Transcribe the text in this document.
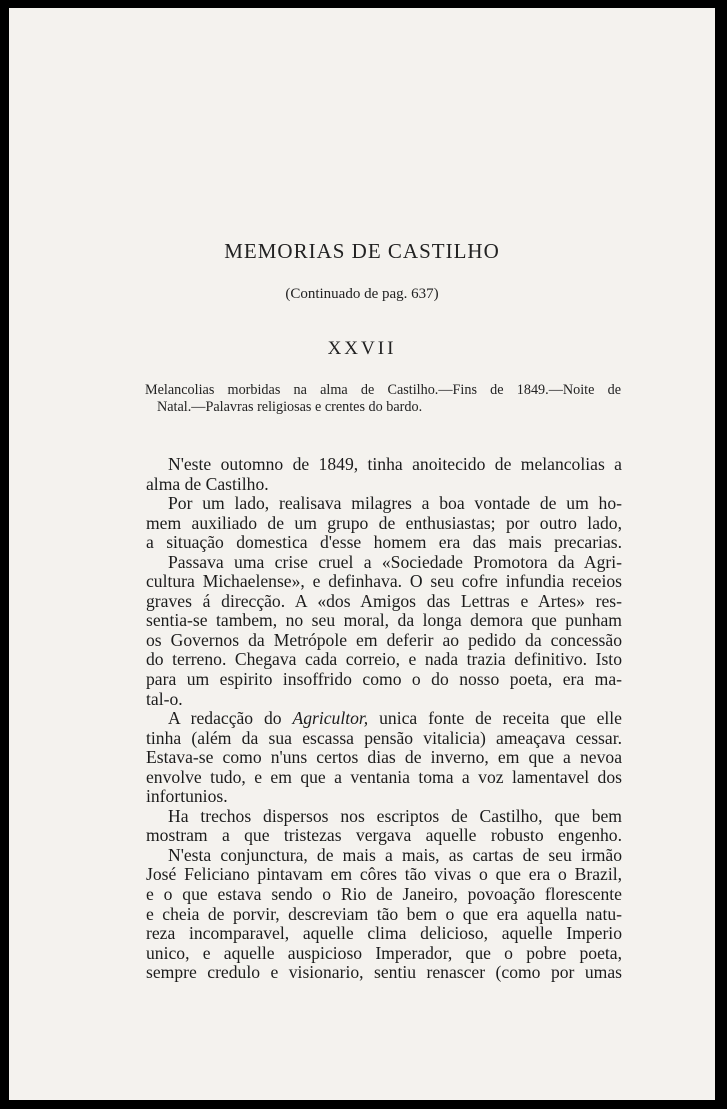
MEMORIAS DE CASTILHO
(Continuado de pag. 637)
XXVII
Melancolias morbidas na alma de Castilho.—Fins de 1849.—Noite de
Natal.—Palavras religiosas e crentes do bardo.
N'este outomno de 1849, tinha anoitecido de melancolias a
alma de Castilho.
Por um lado, realisava milagres a boa vontade de um ho-
mem auxiliado de um grupo de enthusiastas; por outro lado,
a situação domestica d'esse homem era das mais precarias.
Passava uma crise cruel a «Sociedade Promotora da Agri-
cultura Michaelense», e definhava. O seu cofre infundia receios
graves á direcção. A «dos Amigos das Lettras e Artes» res-
sentia-se tambem, no seu moral, da longa demora que punham
os Governos da Metrópole em deferir ao pedido da concessão
do terreno. Chegava cada correio, e nada trazia definitivo. Isto
para um espirito insoffrido como o do nosso poeta, era ma-
tal-o.
A redacção do Agricultor, unica fonte de receita que elle
tinha (além da sua escassa pensão vitalicia) ameaçava cessar.
Estava-se como n'uns certos dias de inverno, em que a nevoa
envolve tudo, e em que a ventania toma a voz lamentavel dos
infortunios.
Ha trechos dispersos nos escriptos de Castilho, que bem
mostram a que tristezas vergava aquelle robusto engenho.
N'esta conjunctura, de mais a mais, as cartas de seu irmão
José Feliciano pintavam em côres tão vivas o que era o Brazil,
e o que estava sendo o Rio de Janeiro, povoação florescente
e cheia de porvir, descreviam tão bem o que era aquella natu-
reza incomparavel, aquelle clima delicioso, aquelle Imperio
unico, e aquelle auspicioso Imperador, que o pobre poeta,
sempre credulo e visionario, sentiu renascer (como por umas
